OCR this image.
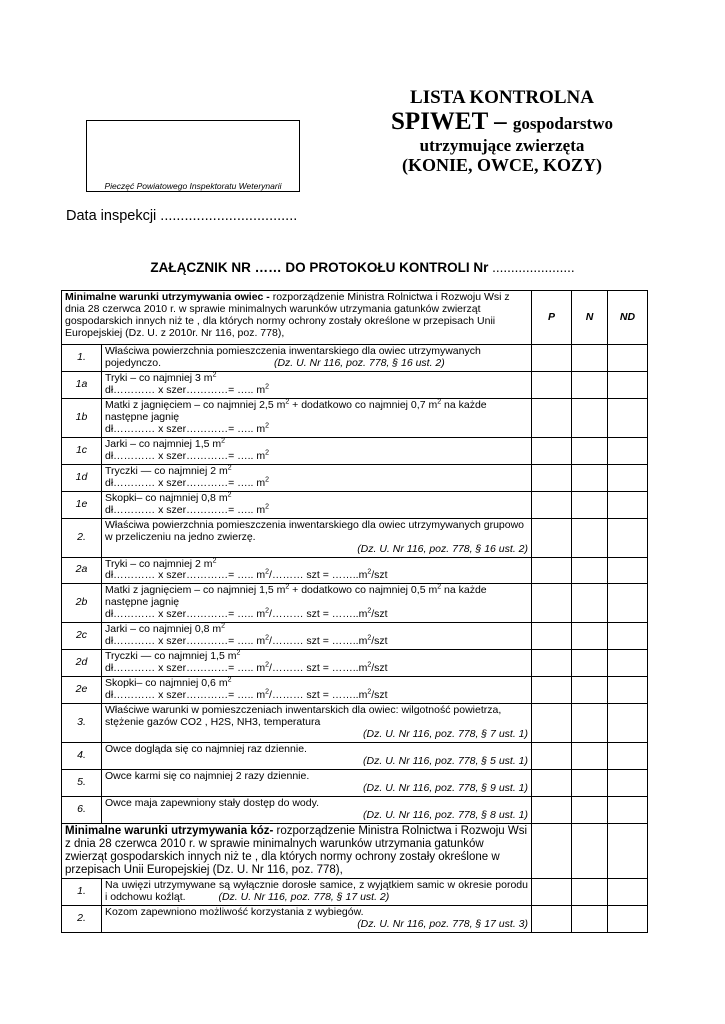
Pieczęć Powiatowego Inspektoratu Weterynarii
LISTA KONTROLNA
SPIWET – gospodarstwo
utrzymujące zwierzęta
(KONIE, OWCE, KOZY)
Data inspekcji ..................................
ZAŁĄCZNIK NR …… DO PROTOKOŁU KONTROLI Nr ......................
Minimalne warunki utrzymywania owiec - rozporządzenie Ministra Rolnictwa i Rozwoju Wsi z dnia 28 czerwca 2010 r. w sprawie minimalnych warunków utrzymania gatunków zwierząt gospodarskich innych niż te , dla których normy ochrony zostały określone w przepisach Unii Europejskiej (Dz. U. z 2010r. Nr 116, poz. 778),		P	N	ND
1.	Właściwa powierzchnia pomieszczenia inwentarskiego dla owiec utrzymywanych pojedynczo. (Dz. U. Nr 116, poz. 778, § 16 ust. 2)			
1a	Tryki – co najmniej 3 $m^2$
dł………… x szer…………= ….. $m^2$			
1b	Matki z jagnięciem – co najmniej 2,5 $m^2$ + dodatkowo co najmniej 0,7 $m^2$ na każde następne jagnię
dł………… x szer…………= ….. $m^2$			
1c	Jarki – co najmniej 1,5 $m^2$
dł………… x szer…………= ….. $m^2$			
1d	Tryczki — co najmniej 2 $m^2$
dł………… x szer…………= ….. $m^2$			
1e	Skopki– co najmniej 0,8 $m^2$
dł………… x szer…………= ….. $m^2$			
2.	Właściwa powierzchnia pomieszczenia inwentarskiego dla owiec utrzymywanych grupowo w przeliczeniu na jedno zwierzę.
(Dz. U. Nr 116, poz. 778, § 16 ust. 2)			

2a	Tryki – co najmniej 2 $m^2$
dł………… x szer…………= ….. $m^2/\dots\dots\dots$ szt = $\dots\dots..m^2$/szt			
2b	Matki z jagnięciem – co najmniej 1,5 $m^2$ + dodatkowo co najmniej 0,5 $m^2$ na każde następne jagnię
dł………… x szer…………= ….. $m^2/\dots\dots\dots$ szt = $\dots\dots..m^2$/szt			
2c	Jarki – co najmniej 0,8 $m^2$
dł………… x szer…………= ….. $m^2/\dots\dots\dots$ szt = $\dots\dots..m^2$/szt			
2d	Tryczki — co najmniej 1,5 $m^2$
dł………… x szer…………= ….. $m^2/\dots\dots\dots$ szt = $\dots\dots..m^2$/szt			
2e	Skopki– co najmniej 0,6 $m^2$
dł………… x szer…………= ….. $m^2/\dots\dots\dots$ szt = $\dots\dots..m^2$/szt			
3.	Właściwe warunki w pomieszczeniach inwentarskich dla owiec: wilgotność powietrza, stężenie gazów CO2 , H2S, NH3, temperatura
(Dz. U. Nr 116, poz. 778, § 7 ust. 1)			

4.	Owce dogląda się co najmniej raz dziennie.
(Dz. U. Nr 116, poz. 778, § 5 ust. 1)			

5.	Owce karmi się co najmniej 2 razy dziennie.
(Dz. U. Nr 116, poz. 778, § 9 ust. 1)			

6.	Owce maja zapewniony stały dostęp do wody.
(Dz. U. Nr 116, poz. 778, § 8 ust. 1)			

Minimalne warunki utrzymywania kóz- rozporządzenie Ministra Rolnictwa i Rozwoju Wsi z dnia 28 czerwca 2010 r. w sprawie minimalnych warunków utrzymania gatunków zwierząt gospodarskich innych niż te , dla których normy ochrony zostały określone w przepisach Unii Europejskiej (Dz. U. Nr 116, poz. 778),				
1.	Na uwięzi utrzymywane są wyłącznie dorosłe samice, z wyjątkiem samic w okresie porodu i odchowu koźląt. (Dz. U. Nr 116, poz. 778, § 17 ust. 2)			
2.	Kozom zapewniono możliwość korzystania z wybiegów.
(Dz. U. Nr 116, poz. 778, § 17 ust. 3)			
